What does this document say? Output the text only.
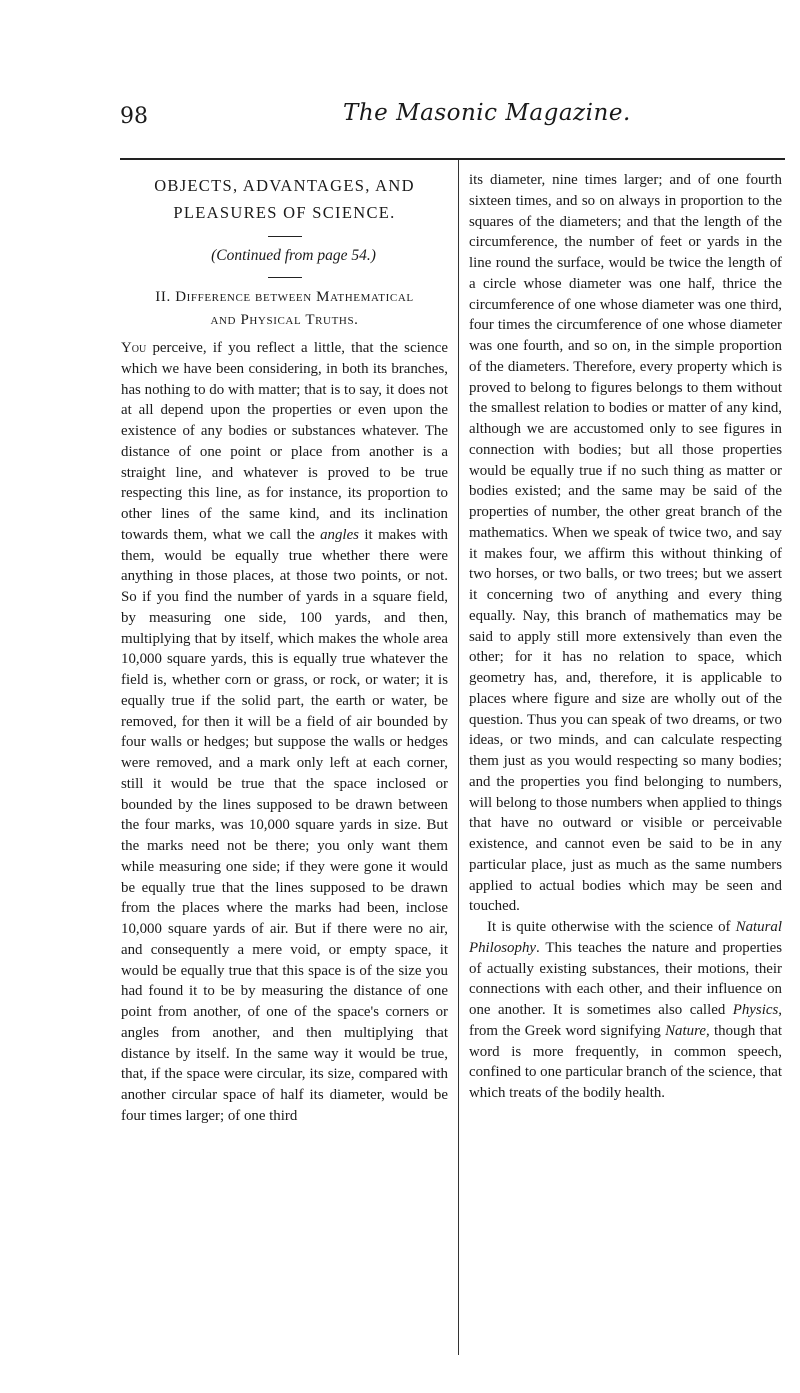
98	The Masonic Magazine.
OBJECTS, ADVANTAGES, AND
PLEASURES OF SCIENCE.

(Continued from page 54.)

II. Difference between Mathematical
and Physical Truths.

You perceive, if you reflect a little, that the science which we have been considering, in both its branches, has nothing to do with matter; that is to say, it does not at all depend upon the properties or even upon the existence of any bodies or substances whatever. The distance of one point or place from another is a straight line, and whatever is proved to be true respecting this line, as for instance, its proportion to other lines of the same kind, and its inclination towards them, what we call the angles it makes with them, would be equally true whether there were anything in those places, at those two points, or not. So if you find the number of yards in a square field, by measuring one side, 100 yards, and then, multiplying that by itself, which makes the whole area 10,000 square yards, this is equally true whatever the field is, whether corn or grass, or rock, or water; it is equally true if the solid part, the earth or water, be removed, for then it will be a field of air bounded by four walls or hedges; but suppose the walls or hedges were removed, and a mark only left at each corner, still it would be true that the space inclosed or bounded by the lines supposed to be drawn between the four marks, was 10,000 square yards in size. But the marks need not be there; you only want them while measuring one side; if they were gone it would be equally true that the lines supposed to be drawn from the places where the marks had been, inclose 10,000 square yards of air. But if there were no air, and consequently a mere void, or empty space, it would be equally true that this space is of the size you had found it to be by measuring the distance of one point from another, of one of the space's corners or angles from another, and then multiplying that distance by itself. In the same way it would be true, that, if the space were circular, its size, compared with another circular space of half its diameter, would be four times larger; of one third

its diameter, nine times larger; and of one fourth sixteen times, and so on always in proportion to the squares of the diameters; and that the length of the circumference, the number of feet or yards in the line round the surface, would be twice the length of a circle whose diameter was one half, thrice the circumference of one whose diameter was one third, four times the circumference of one whose diameter was one fourth, and so on, in the simple proportion of the diameters. Therefore, every property which is proved to belong to figures belongs to them without the smallest relation to bodies or matter of any kind, although we are accustomed only to see figures in connection with bodies; but all those properties would be equally true if no such thing as matter or bodies existed; and the same may be said of the properties of number, the other great branch of the mathematics. When we speak of twice two, and say it makes four, we affirm this without thinking of two horses, or two balls, or two trees; but we assert it concerning two of anything and every thing equally. Nay, this branch of mathematics may be said to apply still more extensively than even the other; for it has no relation to space, which geometry has, and, therefore, it is applicable to places where figure and size are wholly out of the question. Thus you can speak of two dreams, or two ideas, or two minds, and can calculate respecting them just as you would respecting so many bodies; and the properties you find belonging to numbers, will belong to those numbers when applied to things that have no outward or visible or perceivable existence, and cannot even be said to be in any particular place, just as much as the same numbers applied to actual bodies which may be seen and touched.

It is quite otherwise with the science of Natural Philosophy. This teaches the nature and properties of actually existing substances, their motions, their connections with each other, and their influence on one another. It is sometimes also called Physics, from the Greek word signifying Nature, though that word is more frequently, in common speech, confined to one particular branch of the science, that which treats of the bodily health.
